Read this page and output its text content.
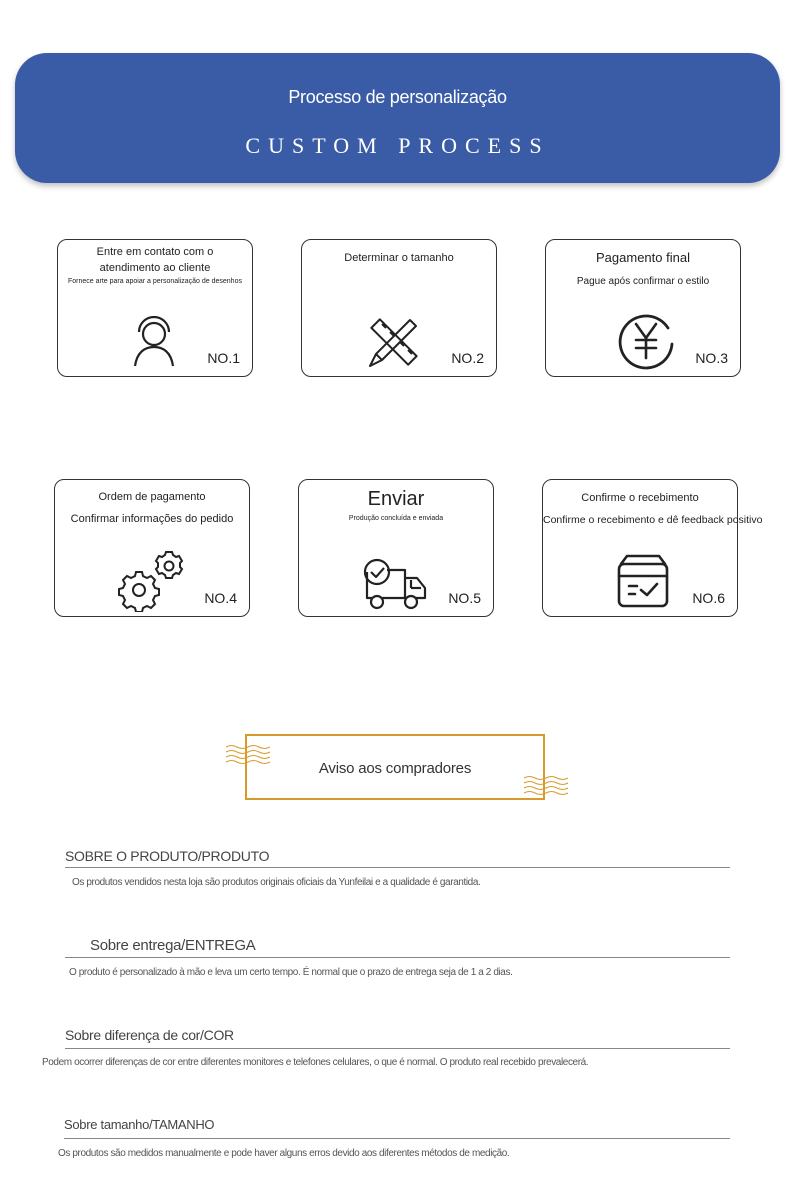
Processo de personalização
CUSTOM PROCESS
Entre em contato com o atendimento ao cliente
Fornece arte para apoiar a personalização de desenhos
NO.1
Determinar o tamanho
NO.2
Pagamento final
Pague após confirmar o estilo
NO.3
Ordem de pagamento
Confirmar informações do pedido
NO.4
Enviar
Produção concluída e enviada
NO.5
Confirme o recebimento
Confirme o recebimento e dê feedback positivo
NO.6
Aviso aos compradores
SOBRE O PRODUTO/PRODUTO
Os produtos vendidos nesta loja são produtos originais oficiais da Yunfeilai e a qualidade é garantida.
Sobre entrega/ENTREGA
O produto é personalizado à mão e leva um certo tempo. É normal que o prazo de entrega seja de 1 a 2 dias.
Sobre diferença de cor/COR
Podem ocorrer diferenças de cor entre diferentes monitores e telefones celulares, o que é normal. O produto real recebido prevalecerá.
Sobre tamanho/TAMANHO
Os produtos são medidos manualmente e pode haver alguns erros devido aos diferentes métodos de medição.
